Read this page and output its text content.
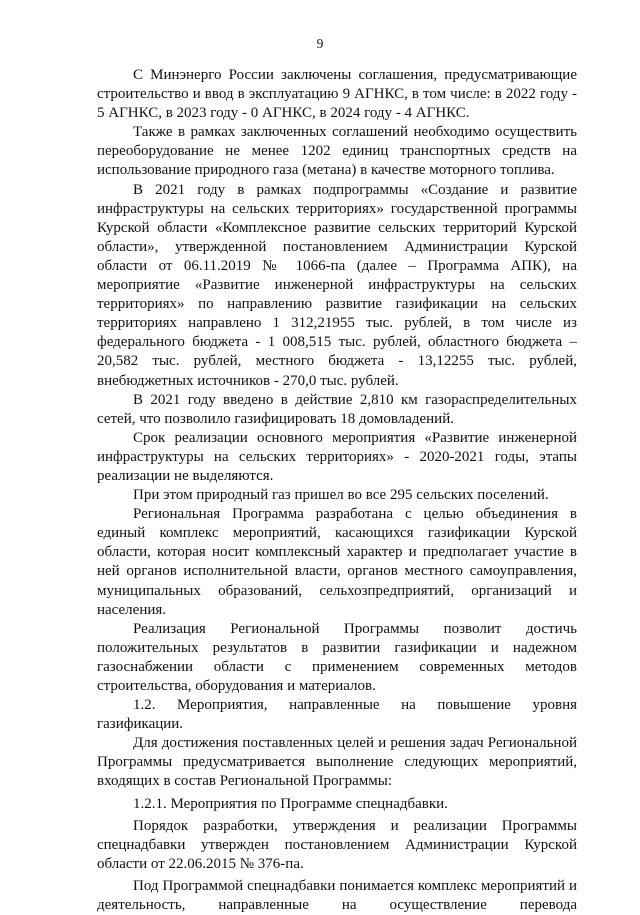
9

С Минэнерго России заключены соглашения, предусматривающие строительство и ввод в эксплуатацию 9 АГНКС, в том числе: в 2022 году - 5 АГНКС, в 2023 году - 0 АГНКС, в 2024 году - 4 АГНКС.

Также в рамках заключенных соглашений необходимо осуществить переоборудование не менее 1202 единиц транспортных средств на использование природного газа (метана) в качестве моторного топлива.

В 2021 году в рамках подпрограммы «Создание и развитие инфраструктуры на сельских территориях» государственной программы Курской области «Комплексное развитие сельских территорий Курской области», утвержденной постановлением Администрации Курской области от 06.11.2019 № 1066-па (далее – Программа АПК), на мероприятие «Развитие инженерной инфраструктуры на сельских территориях» по направлению развитие газификации на сельских территориях направлено 1 312,21955 тыс. рублей, в том числе из федерального бюджета - 1 008,515 тыс. рублей, областного бюджета – 20,582 тыс. рублей, местного бюджета - 13,12255 тыс. рублей, внебюджетных источников - 270,0 тыс. рублей.

В 2021 году введено в действие 2,810 км газораспределительных сетей, что позволило газифицировать 18 домовладений.

Срок реализации основного мероприятия «Развитие инженерной инфраструктуры на сельских территориях» - 2020-2021 годы, этапы реализации не выделяются.

При этом природный газ пришел во все 295 сельских поселений.

Региональная Программа разработана с целью объединения в единый комплекс мероприятий, касающихся газификации Курской области, которая носит комплексный характер и предполагает участие в ней органов исполнительной власти, органов местного самоуправления, муниципальных образований, сельхозпредприятий, организаций и населения.

Реализация Региональной Программы позволит достичь положительных результатов в развитии газификации и надежном газоснабжении области с применением современных методов строительства, оборудования и материалов.

1.2. Мероприятия, направленные на повышение уровня газификации.

Для достижения поставленных целей и решения задач Региональной Программы предусматривается выполнение следующих мероприятий, входящих в состав Региональной Программы:

1.2.1. Мероприятия по Программе спецнадбавки.

Порядок разработки, утверждения и реализации Программы спецнадбавки утвержден постановлением Администрации Курской области от 22.06.2015 № 376-па.

Под Программой спецнадбавки понимается комплекс мероприятий и деятельность, направленные на осуществление перевода
